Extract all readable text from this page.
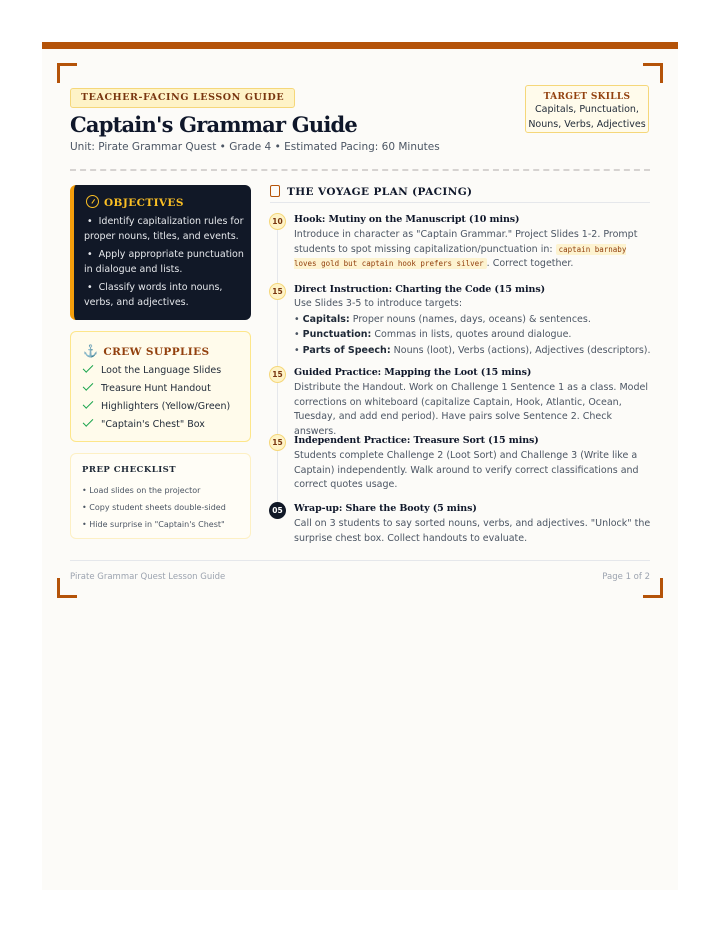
TEACHER-FACING LESSON GUIDE
Captain's Grammar Guide
Unit: Pirate Grammar Quest • Grade 4 • Estimated Pacing: 60 Minutes
TARGET SKILLS
Capitals, Punctuation,
Nouns, Verbs, Adjectives
OBJECTIVES
• Identify capitalization rules for proper nouns, titles, and events.
• Apply appropriate punctuation in dialogue and lists.
• Classify words into nouns, verbs, and adjectives.
⚓ CREW SUPPLIES
Loot the Language Slides
Treasure Hunt Handout
Highlighters (Yellow/Green)
"Captain's Chest" Box
PREP CHECKLIST
• Load slides on the projector
• Copy student sheets double-sided
• Hide surprise in "Captain's Chest"
THE VOYAGE PLAN (PACING)
10	Hook: Mutiny on the Manuscript (10 mins)

Introduce in character as "Captain Grammar." Project Slides 1-2. Prompt students to spot missing capitalization/punctuation in: captain barnaby loves gold but captain hook prefers silver . Correct together.

15	Direct Instruction: Charting the Code (15 mins)

Use Slides 3-5 to introduce targets:

• Capitals: Proper nouns (names, days, oceans) & sentences.

• Punctuation: Commas in lists, quotes around dialogue.

• Parts of Speech: Nouns (loot), Verbs (actions), Adjectives (descriptors).

15	Guided Practice: Mapping the Loot (15 mins)

Distribute the Handout. Work on Challenge 1 Sentence 1 as a class. Model corrections on whiteboard (capitalize Captain, Hook, Atlantic, Ocean, Tuesday, and add end period). Have pairs solve Sentence 2. Check answers.

15	Independent Practice: Treasure Sort (15 mins)

Students complete Challenge 2 (Loot Sort) and Challenge 3 (Write like a Captain) independently. Walk around to verify correct classifications and correct quotes usage.

05	Wrap-up: Share the Booty (5 mins)

Call on 3 students to say sorted nouns, verbs, and adjectives. "Unlock" the surprise chest box. Collect handouts to evaluate.

Pirate Grammar Quest Lesson Guide	Page 1 of 2
